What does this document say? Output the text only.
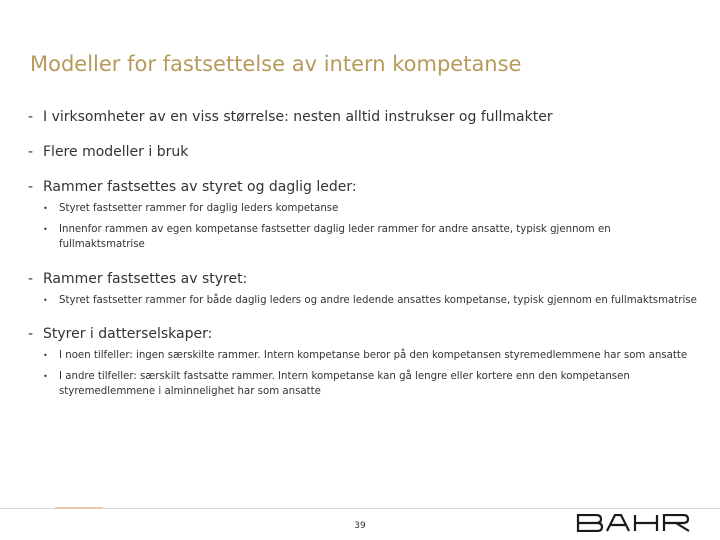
Modeller for fastsettelse av intern kompetanse
- I virksomheter av en viss størrelse: nesten alltid instrukser og fullmakter
- Flere modeller i bruk
- Rammer fastsettes av styret og daglig leder:
•	Styret fastsetter rammer for daglig leders kompetanse
•	Innenfor rammen av egen kompetanse fastsetter daglig leder rammer for andre ansatte, typisk gjennom en fullmaktsmatrise
- Rammer fastsettes av styret:
•	Styret fastsetter rammer for både daglig leders og andre ledende ansattes kompetanse, typisk gjennom en fullmaktsmatrise
- Styrer i datterselskaper:
•	I noen tilfeller: ingen særskilte rammer. Intern kompetanse beror på den kompetansen styremedlemmene har som ansatte
•	I andre tilfeller: særskilt fastsatte rammer. Intern kompetanse kan gå lengre eller kortere enn den kompetansen styremedlemmene i alminnelighet har som ansatte
39
